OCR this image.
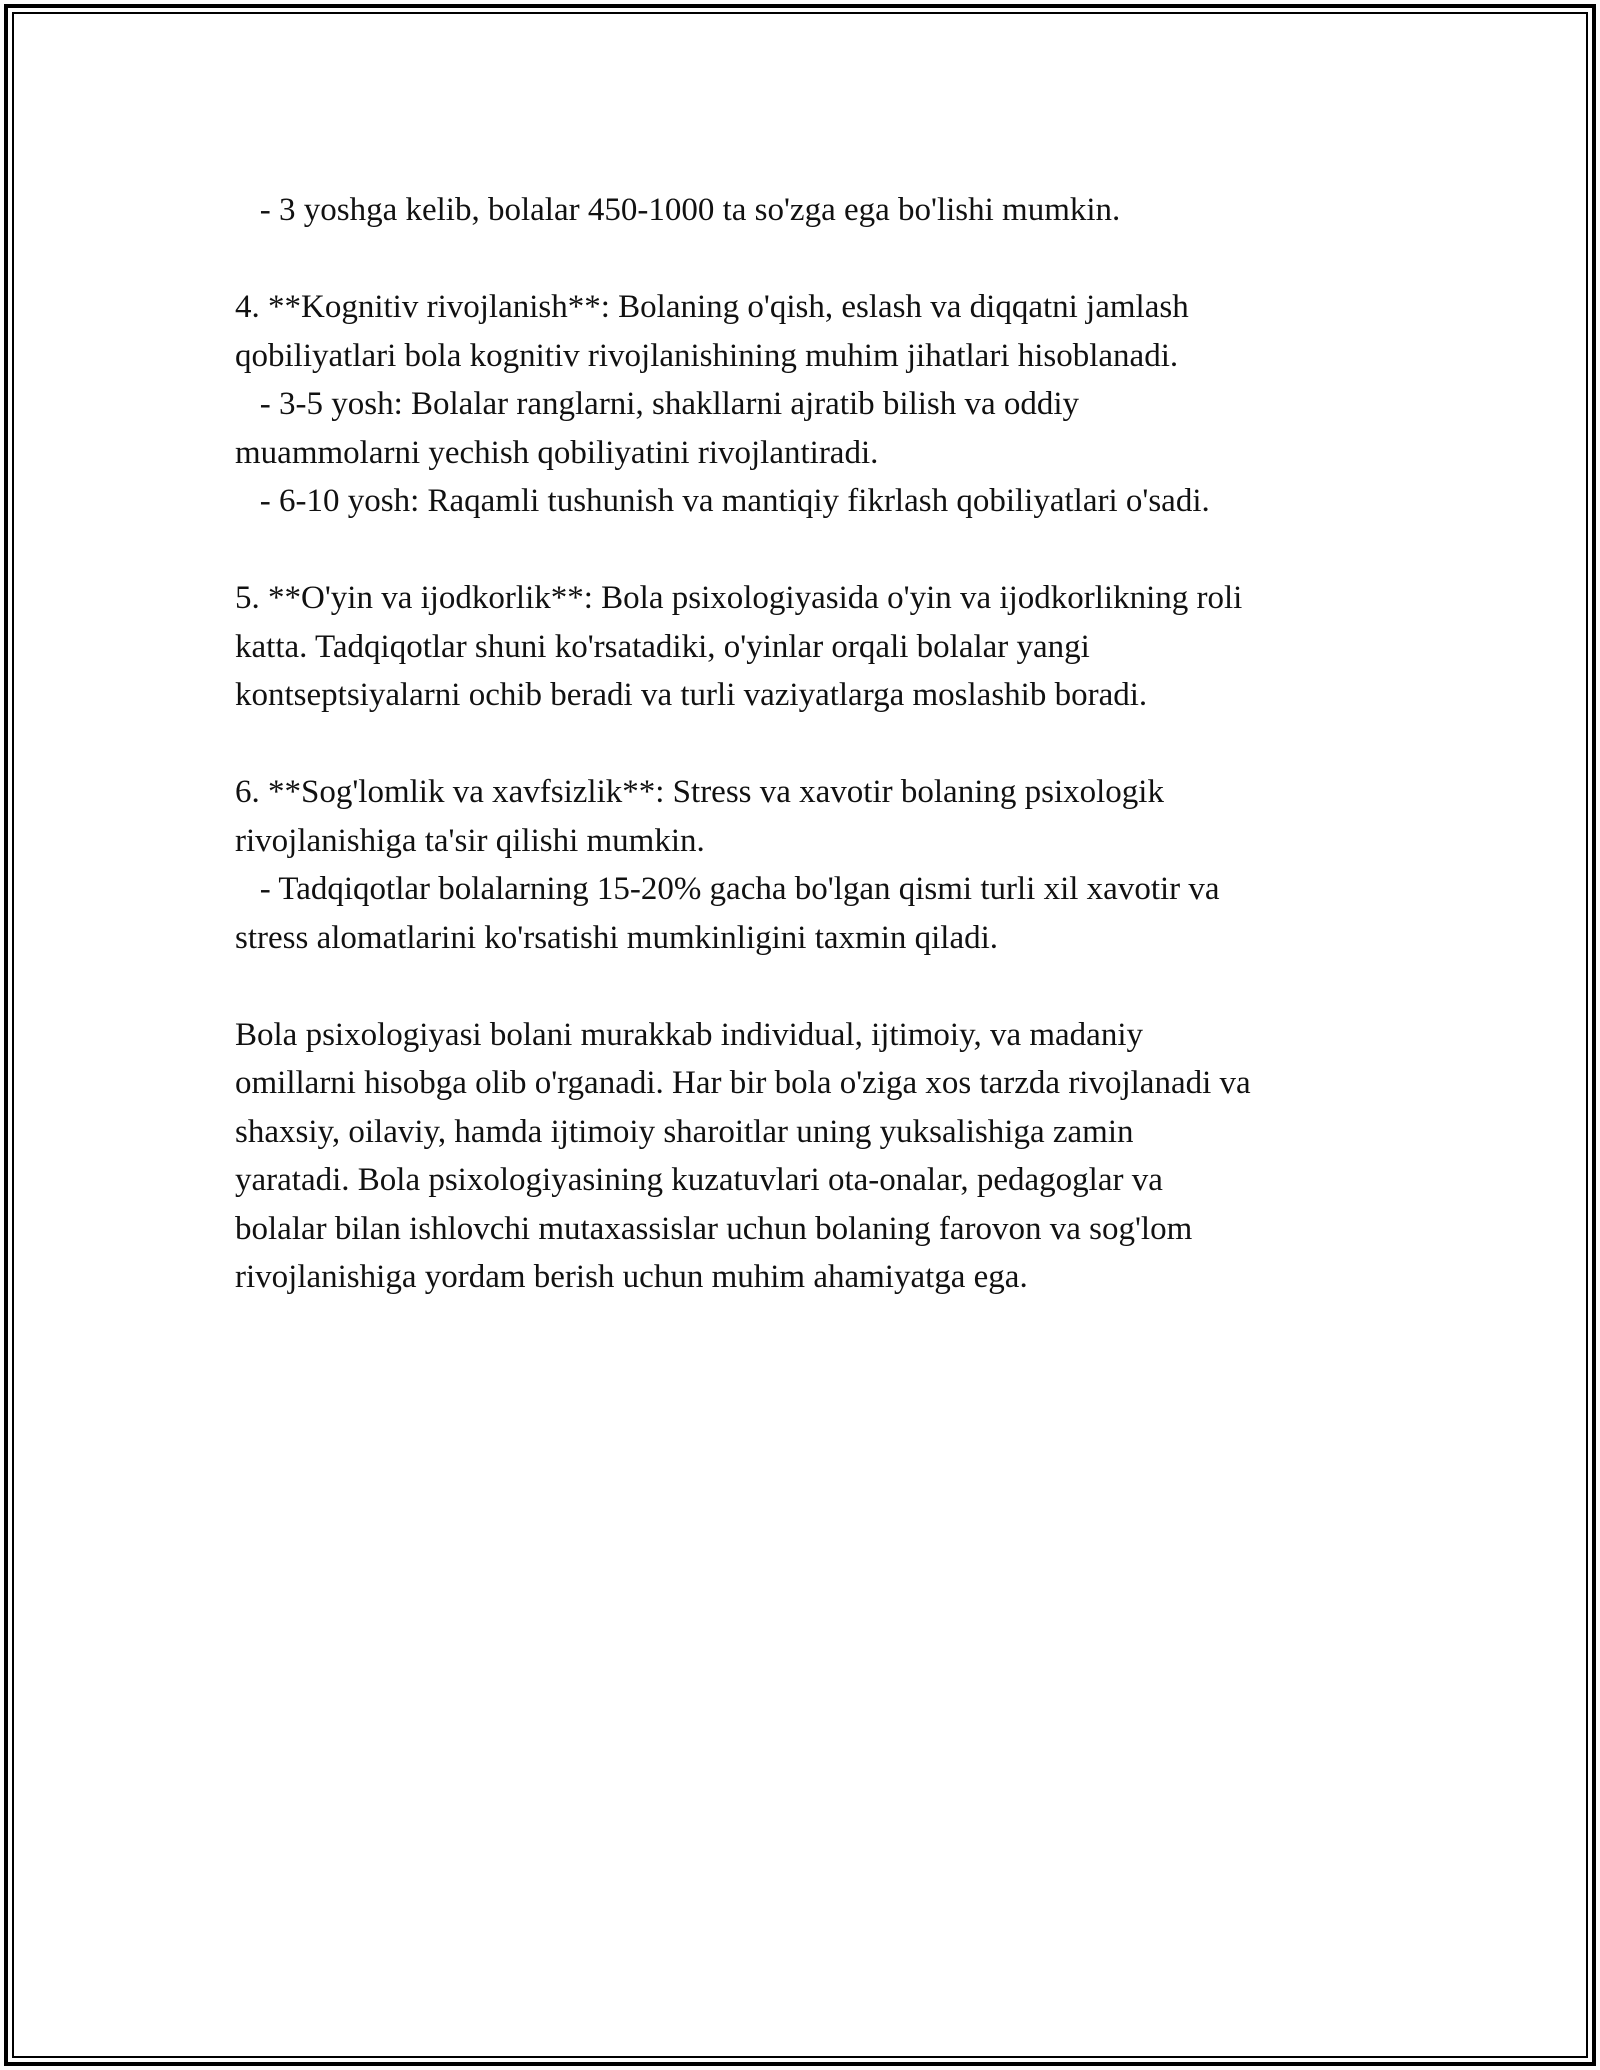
- 3 yoshga kelib, bolalar 450-1000 ta so'zga ega bo'lishi mumkin.
4. **Kognitiv rivojlanish**: Bolaning o'qish, eslash va diqqatni jamlash
qobiliyatlari bola kognitiv rivojlanishining muhim jihatlari hisoblanadi.
- 3-5 yosh: Bolalar ranglarni, shakllarni ajratib bilish va oddiy
muammolarni yechish qobiliyatini rivojlantiradi.
- 6-10 yosh: Raqamli tushunish va mantiqiy fikrlash qobiliyatlari o'sadi.
5. **O'yin va ijodkorlik**: Bola psixologiyasida o'yin va ijodkorlikning roli
katta. Tadqiqotlar shuni ko'rsatadiki, o'yinlar orqali bolalar yangi
kontseptsiyalarni ochib beradi va turli vaziyatlarga moslashib boradi.
6. **Sog'lomlik va xavfsizlik**: Stress va xavotir bolaning psixologik
rivojlanishiga ta'sir qilishi mumkin.
- Tadqiqotlar bolalarning 15-20% gacha bo'lgan qismi turli xil xavotir va
stress alomatlarini ko'rsatishi mumkinligini taxmin qiladi.
Bola psixologiyasi bolani murakkab individual, ijtimoiy, va madaniy
omillarni hisobga olib o'rganadi. Har bir bola o'ziga xos tarzda rivojlanadi va
shaxsiy, oilaviy, hamda ijtimoiy sharoitlar uning yuksalishiga zamin
yaratadi. Bola psixologiyasining kuzatuvlari ota-onalar, pedagoglar va
bolalar bilan ishlovchi mutaxassislar uchun bolaning farovon va sog'lom
rivojlanishiga yordam berish uchun muhim ahamiyatga ega.
